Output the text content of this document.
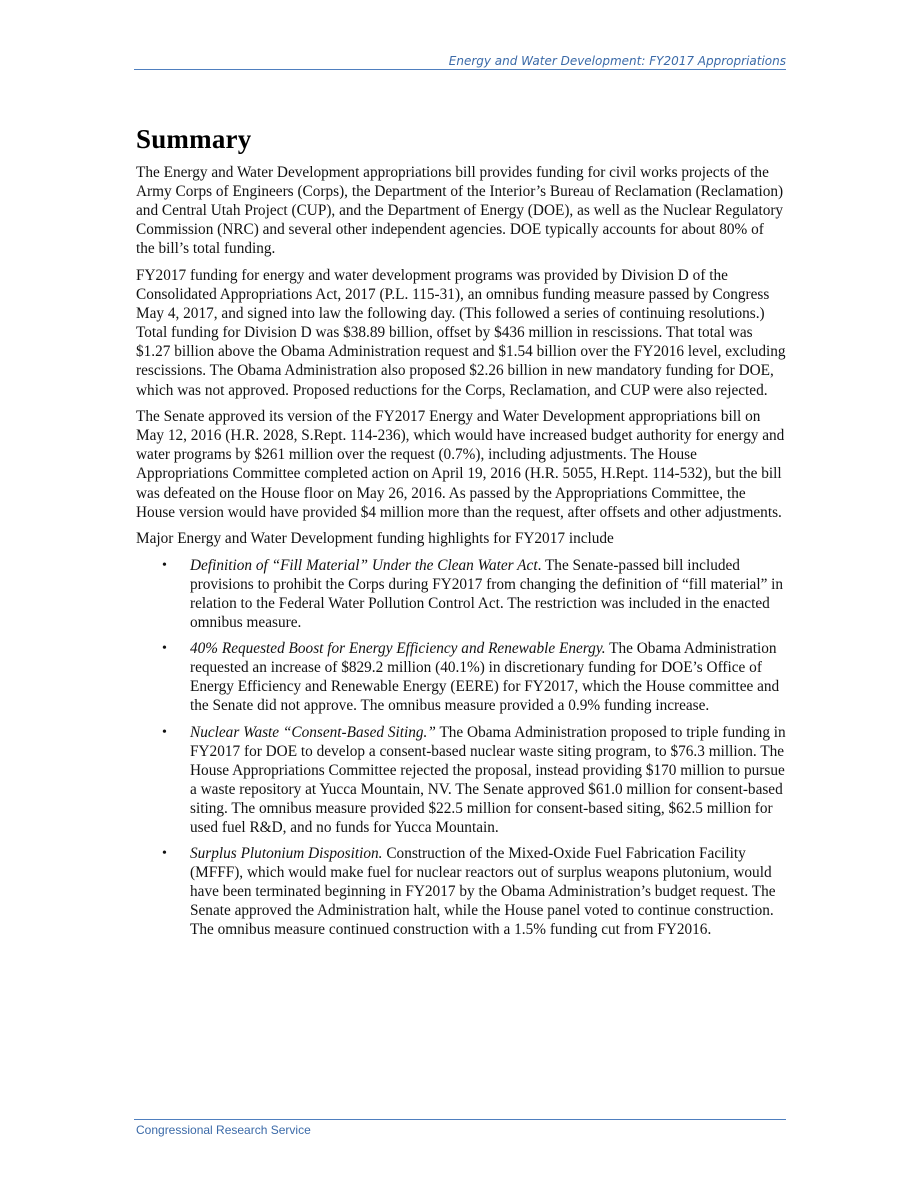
Energy and Water Development: FY2017 Appropriations
Summary

The Energy and Water Development appropriations bill provides funding for civil works projects of the Army Corps of Engineers (Corps), the Department of the Interior’s Bureau of Reclamation (Reclamation) and Central Utah Project (CUP), and the Department of Energy (DOE), as well as the Nuclear Regulatory Commission (NRC) and several other independent agencies. DOE typically accounts for about 80% of the bill’s total funding.

FY2017 funding for energy and water development programs was provided by Division D of the Consolidated Appropriations Act, 2017 (P.L. 115-31), an omnibus funding measure passed by Congress May 4, 2017, and signed into law the following day. (This followed a series of continuing resolutions.) Total funding for Division D was $38.89 billion, offset by $436 million in rescissions. That total was $1.27 billion above the Obama Administration request and $1.54 billion over the FY2016 level, excluding rescissions. The Obama Administration also proposed $2.26 billion in new mandatory funding for DOE, which was not approved. Proposed reductions for the Corps, Reclamation, and CUP were also rejected.

The Senate approved its version of the FY2017 Energy and Water Development appropriations bill on May 12, 2016 (H.R. 2028, S.Rept. 114-236), which would have increased budget authority for energy and water programs by $261 million over the request (0.7%), including adjustments. The House Appropriations Committee completed action on April 19, 2016 (H.R. 5055, H.Rept. 114-532), but the bill was defeated on the House floor on May 26, 2016. As passed by the Appropriations Committee, the House version would have provided $4 million more than the request, after offsets and other adjustments.

Major Energy and Water Development funding highlights for FY2017 include

• Definition of “Fill Material” Under the Clean Water Act. The Senate-passed bill included provisions to prohibit the Corps during FY2017 from changing the definition of “fill material” in relation to the Federal Water Pollution Control Act. The restriction was included in the enacted omnibus measure.
• 40% Requested Boost for Energy Efficiency and Renewable Energy. The Obama Administration requested an increase of $829.2 million (40.1%) in discretionary funding for DOE’s Office of Energy Efficiency and Renewable Energy (EERE) for FY2017, which the House committee and the Senate did not approve. The omnibus measure provided a 0.9% funding increase.
• Nuclear Waste “Consent-Based Siting.” The Obama Administration proposed to triple funding in FY2017 for DOE to develop a consent-based nuclear waste siting program, to $76.3 million. The House Appropriations Committee rejected the proposal, instead providing $170 million to pursue a waste repository at Yucca Mountain, NV. The Senate approved $61.0 million for consent-based siting. The omnibus measure provided $22.5 million for consent-based siting, $62.5 million for used fuel R&D, and no funds for Yucca Mountain.
• Surplus Plutonium Disposition. Construction of the Mixed-Oxide Fuel Fabrication Facility (MFFF), which would make fuel for nuclear reactors out of surplus weapons plutonium, would have been terminated beginning in FY2017 by the Obama Administration’s budget request. The Senate approved the Administration halt, while the House panel voted to continue construction. The omnibus measure continued construction with a 1.5% funding cut from FY2016.
Congressional Research Service
